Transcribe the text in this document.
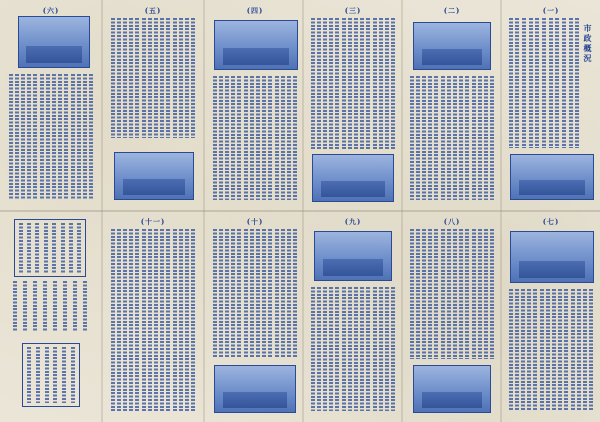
(六)	(五)	(四)	(三)	(二)	(一)
市政概況
(十一)	(十)	(九)	(八)	(七)
